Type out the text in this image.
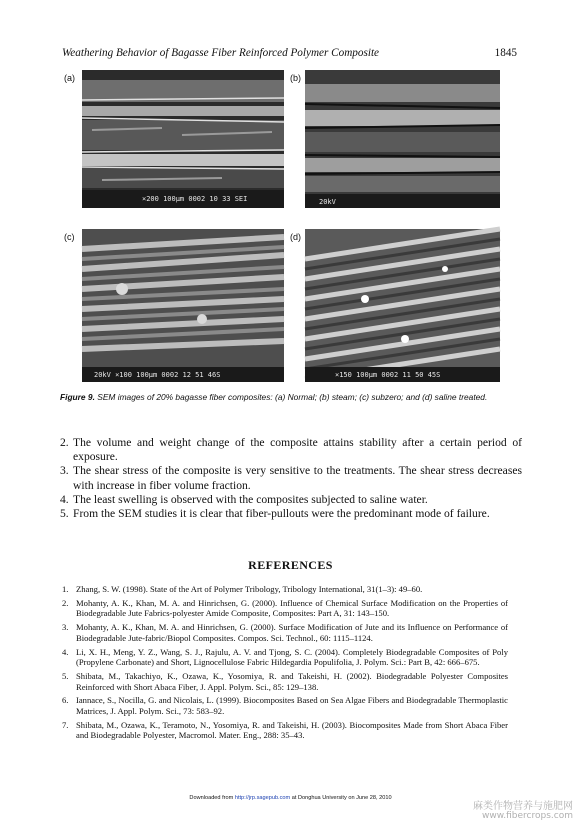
Weathering Behavior of Bagasse Fiber Reinforced Polymer Composite	1845
(a)
×200 100μm 0002 10 33 SEI
(b)
20kV
(c)
20kV ×100 100μm 0002 12 51 46S
(d)
×150 100μm 0002 11 50 45S
Figure 9. SEM images of 20% bagasse fiber composites: (a) Normal; (b) steam; (c) subzero; and (d) saline treated.
2. The volume and weight change of the composite attains stability after a certain period of exposure.
3. The shear stress of the composite is very sensitive to the treatments. The shear stress decreases with increase in fiber volume fraction.
4. The least swelling is observed with the composites subjected to saline water.
5. From the SEM studies it is clear that fiber-pullouts were the predominant mode of failure.
REFERENCES
1. Zhang, S. W. (1998). State of the Art of Polymer Tribology, Tribology International, 31(1–3): 49–60.
2. Mohanty, A. K., Khan, M. A. and Hinrichsen, G. (2000). Influence of Chemical Surface Modification on the Properties of Biodegradable Jute Fabrics-polyester Amide Composite, Composites: Part A, 31: 143–150.
3. Mohanty, A. K., Khan, M. A. and Hinrichsen, G. (2000). Surface Modification of Jute and its Influence on Performance of Biodegradable Jute-fabric/Biopol Composites. Compos. Sci. Technol., 60: 1115–1124.
4. Li, X. H., Meng, Y. Z., Wang, S. J., Rajulu, A. V. and Tjong, S. C. (2004). Completely Biodegradable Composites of Poly (Propylene Carbonate) and Short, Lignocellulose Fabric Hildegardia Populifolia, J. Polym. Sci.: Part B, 42: 666–675.
5. Shibata, M., Takachiyo, K., Ozawa, K., Yosomiya, R. and Takeishi, H. (2002). Biodegradable Polyester Composites Reinforced with Short Abaca Fiber, J. Appl. Polym. Sci., 85: 129–138.
6. Iannace, S., Nocilla, G. and Nicolais, L. (1999). Biocomposites Based on Sea Algae Fibers and Biodegradable Thermoplastic Matrices, J. Appl. Polym. Sci., 73: 583–92.
7. Shibata, M., Ozawa, K., Teramoto, N., Yosomiya, R. and Takeishi, H. (2003). Biocomposites Made from Short Abaca Fiber and Biodegradable Polyester, Macromol. Mater. Eng., 288: 35–43.
Downloaded from http://jrp.sagepub.com at Donghua University on June 28, 2010
麻类作物营养与施肥网
www.fibercrops.com
